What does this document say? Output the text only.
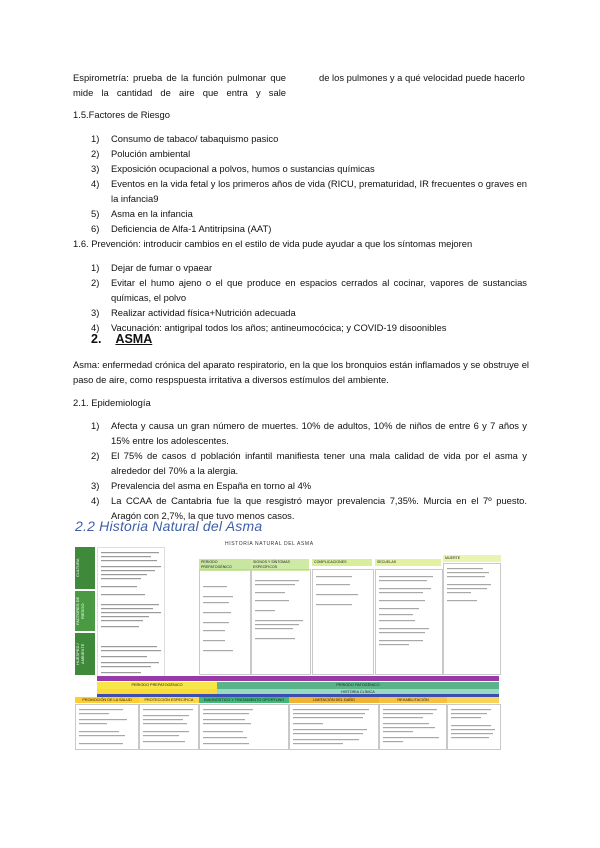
Espirometría: prueba de la función pulmonar que mide la cantidad de aire que entra y sale
de los pulmones y a qué velocidad puede hacerlo
1.5.Factores de Riesgo
1) Consumo de tabaco/ tabaquismo pasico
2) Polución ambiental
3) Exposición ocupacional a polvos, humos o sustancias químicas
4) Eventos en la vida fetal y los primeros años de vida (RICU, prematuridad, IR frecuentes o graves en la infancia9
5) Asma en la infancia
6) Deficiencia de Alfa-1 Antitripsina (AAT)
1.6. Prevención: introducir cambios en el estilo de vida pude ayudar a que los síntomas mejoren
1) Dejar de fumar o vpaear
2) Evitar el humo ajeno o el que produce en espacios cerrados al cocinar, vapores de sustancias químicas, el polvo
3) Realizar actividad física+Nutrición adecuada
4) Vacunación: antigripal todos los años; antineumocócica; y COVID-19 disoonibles
2. ASMA
Asma: enfermedad crónica del aparato respiratorio, en la que los bronquios están inflamados y se obstruye el paso de aire, como respspuesta irritativa a diversos estímulos del ambiente.
2.1. Epidemiología
1) Afecta y causa un gran número de muertes. 10% de adultos, 10% de niños de entre 6 y 7 años y 15% entre los adolescentes.
2) El 75% de casos d población infantil manifiesta tener una mala calidad de vida por el asma y alrededor del 70% a la alergia.
3) Prevalencia del asma en España en torno al 4%
4) La CCAA de Cantabria fue la que resgistró mayor prevalencia 7,35%. Murcia en el 7º puesto. Aragón con 2,7%, la que tuvo menos casos.
2.2 Historia Natural del Asma
HISTORIA NATURAL DEL ASMA
CULTURA
FACTORES DE RIESGO
HUÉSPED / AMBIENTE
PERIODO PREPATOGÉNICO
SIGNOS Y SÍNTOMAS ESPECÍFICOS
COMPLICACIONES	SECUELAS
MUERTE
PERIODO PREPATOGÉNICO	PERIODO PATOGÉNICO
HISTORIA CLÍNICA
PROMOCIÓN DE LA SALUD	PROTECCIÓN ESPECÍFICA	DIAGNÓSTICO Y TRATAMIENTO OPORTUNO	LIMITACIÓN DEL DAÑO	REHABILITACIÓN
